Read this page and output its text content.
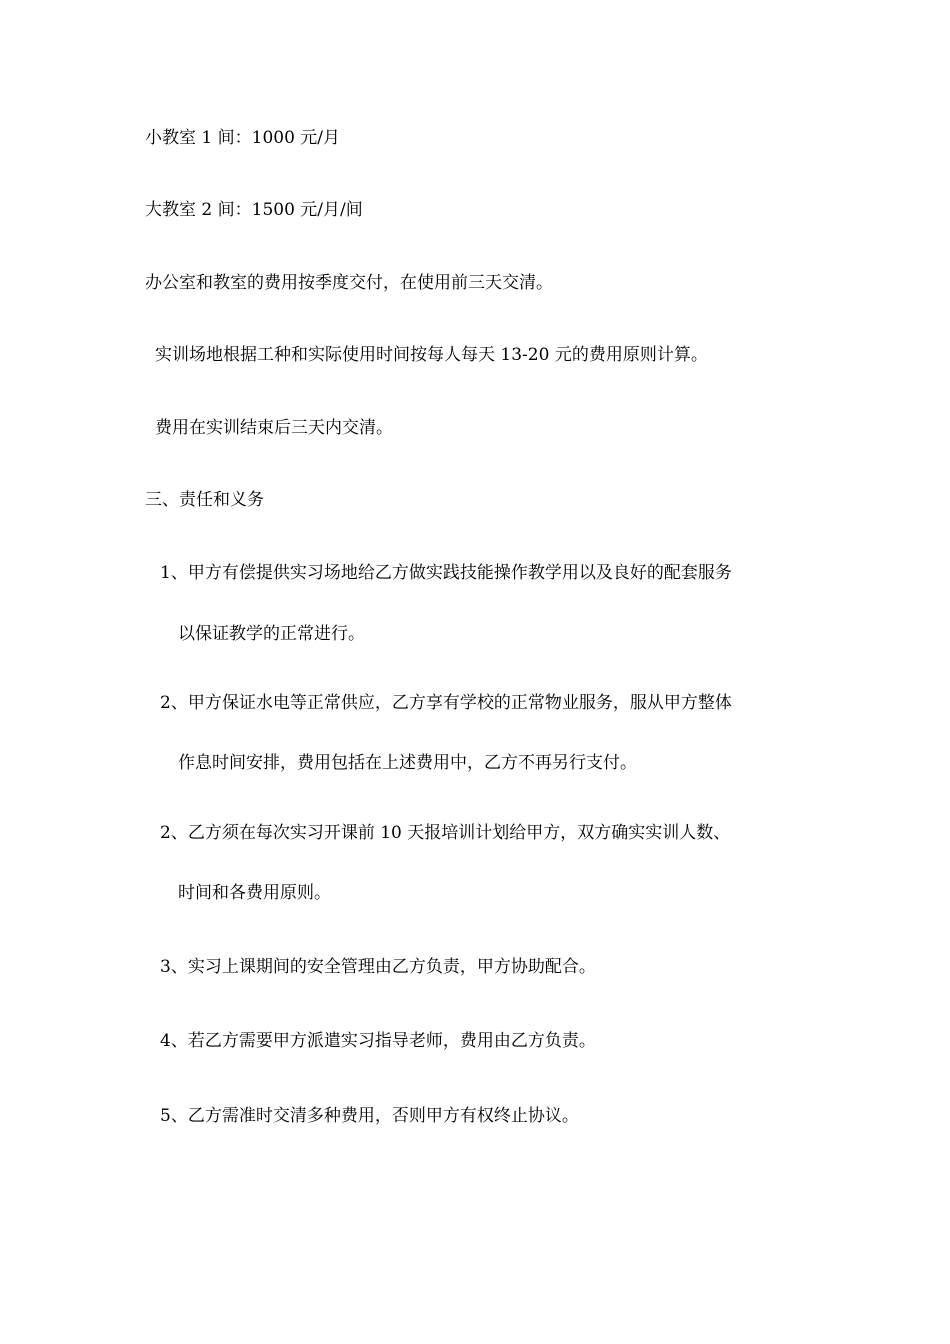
小教室 1 间：1000 元/月
大教室 2 间：1500 元/月/间
办公室和教室的费用按季度交付，在使用前三天交清。
实训场地根据工种和实际使用时间按每人每天 13-20 元的费用原则计算。
费用在实训结束后三天内交清。
三、责任和义务
1、甲方有偿提供实习场地给乙方做实践技能操作教学用以及良好的配套服务
以保证教学的正常进行。
2、甲方保证水电等正常供应，乙方享有学校的正常物业服务，服从甲方整体
作息时间安排，费用包括在上述费用中，乙方不再另行支付。
2、乙方须在每次实习开课前 10 天报培训计划给甲方，双方确实实训人数、
时间和各费用原则。
3、实习上课期间的安全管理由乙方负责，甲方协助配合。
4、若乙方需要甲方派遣实习指导老师，费用由乙方负责。
5、乙方需准时交清多种费用，否则甲方有权终止协议。
